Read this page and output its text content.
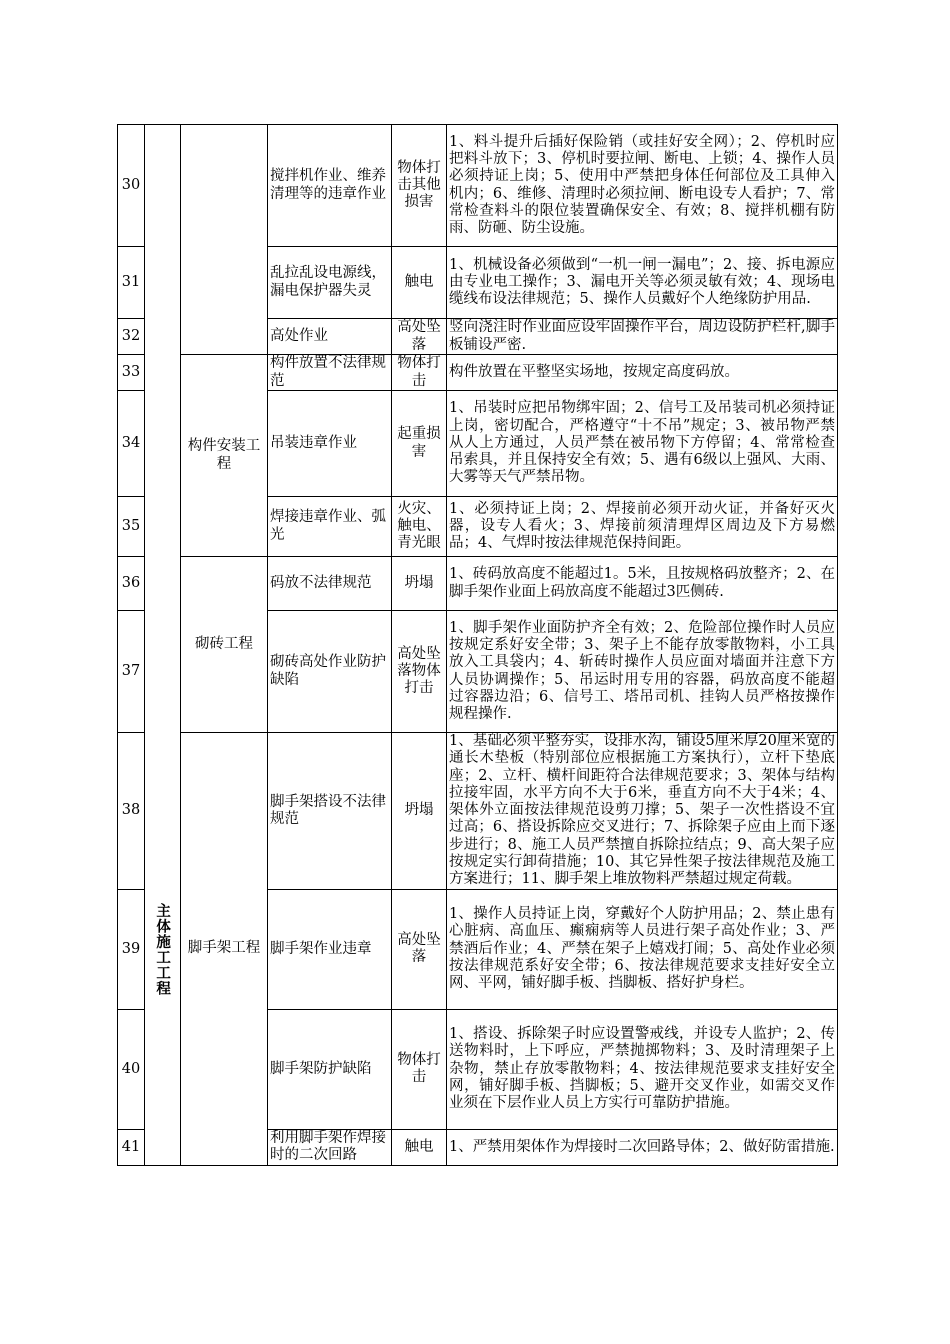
30	主体施工工程		搅拌机作业、维养清理等的违章作业	物体打击其他损害	1、料斗提升后插好保险销（或挂好安全网）；2、停机时应把料斗放下；3、停机时要拉闸、断电、上锁；4、操作人员必须持证上岗；5、使用中严禁把身体任何部位及工具伸入机内；6、维修、清理时必须拉闸、断电设专人看护；7、常常检查料斗的限位装置确保安全、有效；8、搅拌机棚有防雨、防砸、防尘设施。
31			乱拉乱设电源线，漏电保护器失灵	触电	1、机械设备必须做到“一机一闸一漏电”；2、接、拆电源应由专业电工操作；3、漏电开关等必须灵敏有效；4、现场电缆线布设法律规范；5、操作人员戴好个人绝缘防护用品.
32			高处作业	高处坠落	竖向浇注时作业面应设牢固操作平台，周边设防护栏杆,脚手板铺设严密.
33		构件安装工程	构件放置不法律规范	物体打击	构件放置在平整坚实场地，按规定高度码放。
34			吊装违章作业	起重损害	1、吊装时应把吊物绑牢固；2、信号工及吊装司机必须持证上岗，密切配合，严格遵守“十不吊”规定；3、被吊物严禁从人上方通过，人员严禁在被吊物下方停留；4、常常检查吊索具，并且保持安全有效；5、遇有6级以上强风、大雨、大雾等天气严禁吊物。
35			焊接违章作业、弧光	火灾、触电、青光眼	1、必须持证上岗；2、焊接前必须开动火证，并备好灭火器，设专人看火；3、焊接前须清理焊区周边及下方易燃品；4、气焊时按法律规范保持间距。
36		砌砖工程	码放不法律规范	坍塌	1、砖码放高度不能超过1。5米，且按规格码放整齐；2、在脚手架作业面上码放高度不能超过3匹侧砖.
37			砌砖高处作业防护缺陷	高处坠落物体打击	1、脚手架作业面防护齐全有效；2、危险部位操作时人员应按规定系好安全带；3、架子上不能存放零散物料，小工具放入工具袋内；4、斩砖时操作人员应面对墙面并注意下方人员协调操作；5、吊运时用专用的容器，码放高度不能超过容器边沿；6、信号工、塔吊司机、挂钩人员严格按操作规程操作.
38		脚手架工程	脚手架搭设不法律规范	坍塌	1、基础必须平整夯实，设排水沟，铺设5厘米厚20厘米宽的通长木垫板（特别部位应根据施工方案执行），立杆下垫底座；2、立杆、横杆间距符合法律规范要求；3、架体与结构拉接牢固，水平方向不大于6米，垂直方向不大于4米；4、架体外立面按法律规范设剪刀撑；5、架子一次性搭设不宜过高；6、搭设拆除应交叉进行；7、拆除架子应由上而下逐步进行；8、施工人员严禁擅自拆除拉结点；9、高大架子应按规定实行卸荷措施；10、其它异性架子按法律规范及施工方案进行；11、脚手架上堆放物料严禁超过规定荷载。
39			脚手架作业违章	高处坠落	1、操作人员持证上岗，穿戴好个人防护用品；2、禁止患有心脏病、高血压、癫痫病等人员进行架子高处作业；3、严禁酒后作业；4、严禁在架子上嬉戏打闹；5、高处作业必须按法律规范系好安全带；6、按法律规范要求支挂好安全立网、平网，铺好脚手板、挡脚板、搭好护身栏。
40			脚手架防护缺陷	物体打击	1、搭设、拆除架子时应设置警戒线，并设专人监护；2、传送物料时，上下呼应，严禁抛掷物料；3、及时清理架子上杂物，禁止存放零散物料；4、按法律规范要求支挂好安全网，铺好脚手板、挡脚板；5、避开交叉作业，如需交叉作业须在下层作业人员上方实行可靠防护措施。
41			利用脚手架作焊接时的二次回路	触电	1、严禁用架体作为焊接时二次回路导体；2、做好防雷措施.
